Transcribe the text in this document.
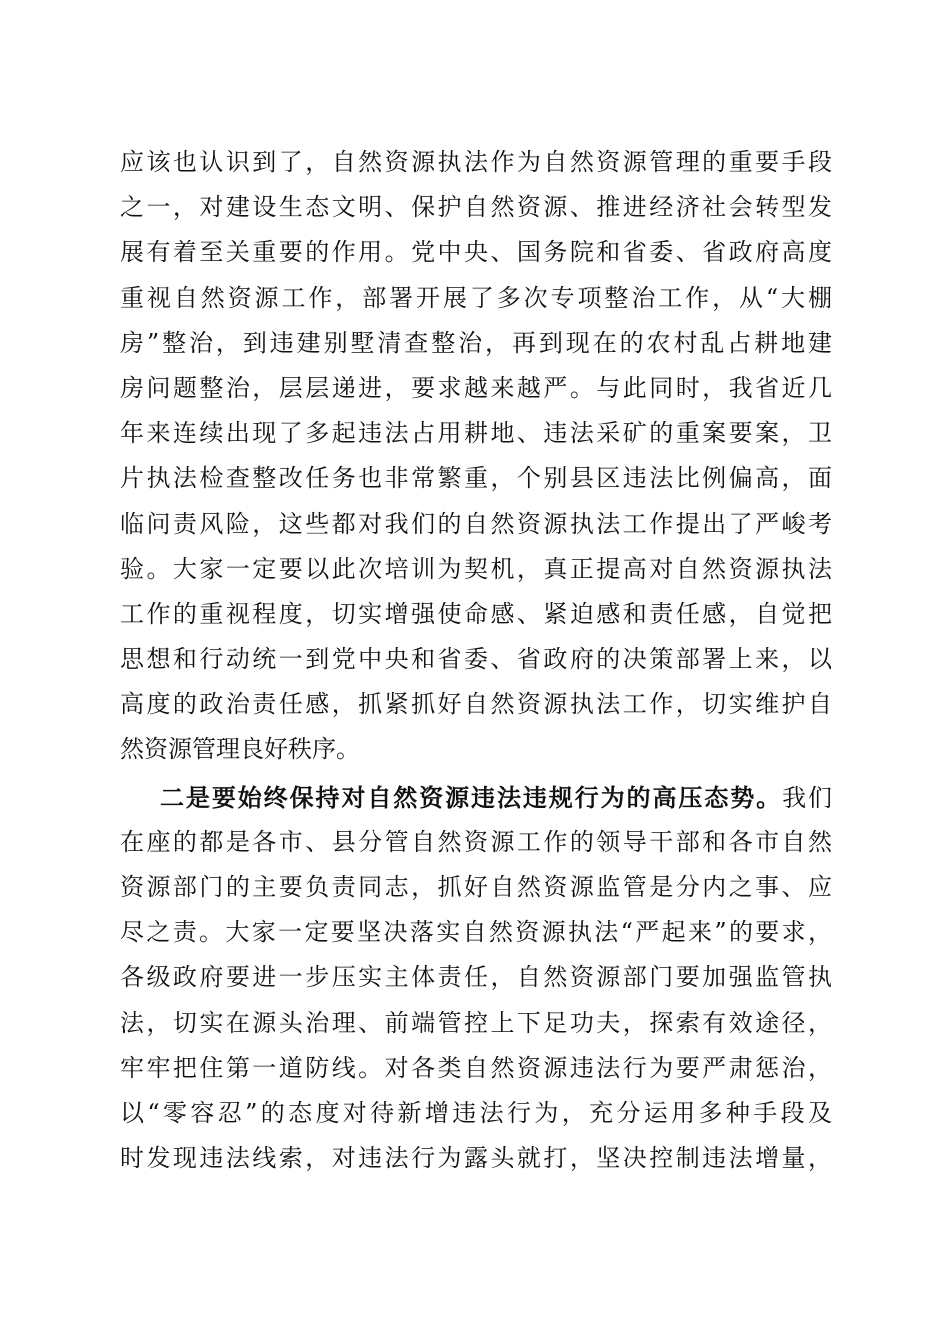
应该也认识到了，自然资源执法作为自然资源管理的重要手段
之一，对建设生态文明、保护自然资源、推进经济社会转型发
展有着至关重要的作用。党中央、国务院和省委、省政府高度
重视自然资源工作，部署开展了多次专项整治工作，从“大棚
房”整治，到违建别墅清查整治，再到现在的农村乱占耕地建
房问题整治，层层递进，要求越来越严。与此同时，我省近几
年来连续出现了多起违法占用耕地、违法采矿的重案要案，卫
片执法检查整改任务也非常繁重，个别县区违法比例偏高，面
临问责风险，这些都对我们的自然资源执法工作提出了严峻考
验。大家一定要以此次培训为契机，真正提高对自然资源执法
工作的重视程度，切实增强使命感、紧迫感和责任感，自觉把
思想和行动统一到党中央和省委、省政府的决策部署上来，以
高度的政治责任感，抓紧抓好自然资源执法工作，切实维护自
然资源管理良好秩序。
二是要始终保持对自然资源违法违规行为的高压态势。我们
在座的都是各市、县分管自然资源工作的领导干部和各市自然
资源部门的主要负责同志，抓好自然资源监管是分内之事、应
尽之责。大家一定要坚决落实自然资源执法“严起来”的要求，
各级政府要进一步压实主体责任，自然资源部门要加强监管执
法，切实在源头治理、前端管控上下足功夫，探索有效途径，
牢牢把住第一道防线。对各类自然资源违法行为要严肃惩治，
以“零容忍”的态度对待新增违法行为，充分运用多种手段及
时发现违法线索，对违法行为露头就打，坚决控制违法增量，
